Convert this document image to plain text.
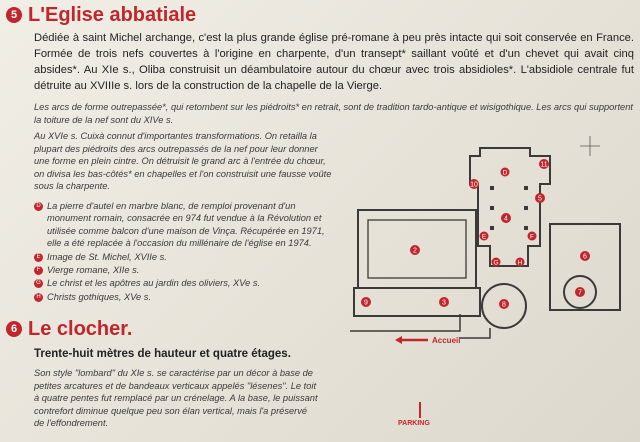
5 L'Eglise abbatiale
Dédiée à saint Michel archange, c'est la plus grande église pré-romane à peu près intacte qui soit conservée en France. Formée de trois nefs couvertes à l'origine en charpente, d'un transept* saillant voûté et d'un chevet qui avait cinq absides*. Au XIe s., Oliba construisit un déambulatoire autour du chœur avec trois absidioles*. L'absidiole centrale fut détruite au XVIIIe s. lors de la construction de la chapelle de la Vierge.
Les arcs de forme outrepassée*, qui retombent sur les piédroits* en retrait, sont de tradition tardo-antique et wisigothique. Les arcs qui supportent la toiture de la nef sont du XIVe s.
Au XVIe s. Cuixà connut d'importantes transformations. On retailla la plupart des piédroits des arcs outrepassés de la nef pour leur donner une forme en plein cintre. On détruisit le grand arc à l'entrée du chœur, on divisa les bas-côtés* en chapelles et l'on construisit une fausse voûte sous la charpente.
D La pierre d'autel en marbre blanc, de remploi provenant d'un monument romain, consacrée en 974 fut vendue à la Révolution et utilisée comme balcon d'une maison de Vinça. Récupérée en 1971, elle a été replacée à l'occasion du millénaire de l'église en 1974.
E Image de St. Michel, XVIIe s.
F Vierge romane, XIIe s.
G Le christ et les apôtres au jardin des oliviers, XVe s.
H Christs gothiques, XVe s.
6 Le clocher.
Trente-huit mètres de hauteur et quatre étages.
Son style "lombard" du XIe s. se caractérise par un décor à base de petites arcatures et de bandeaux verticaux appelés "lésenes". Le toit à quatre pentes fut remplacé par un crénelage. A la base, le puissant contrefort diminue quelque peu son élan vertical, mais l'a préservé de l'effondrement.
2
3
4
5
6
7
8
9
10
11
D
E	F
G	H
Accueil
PARKING
